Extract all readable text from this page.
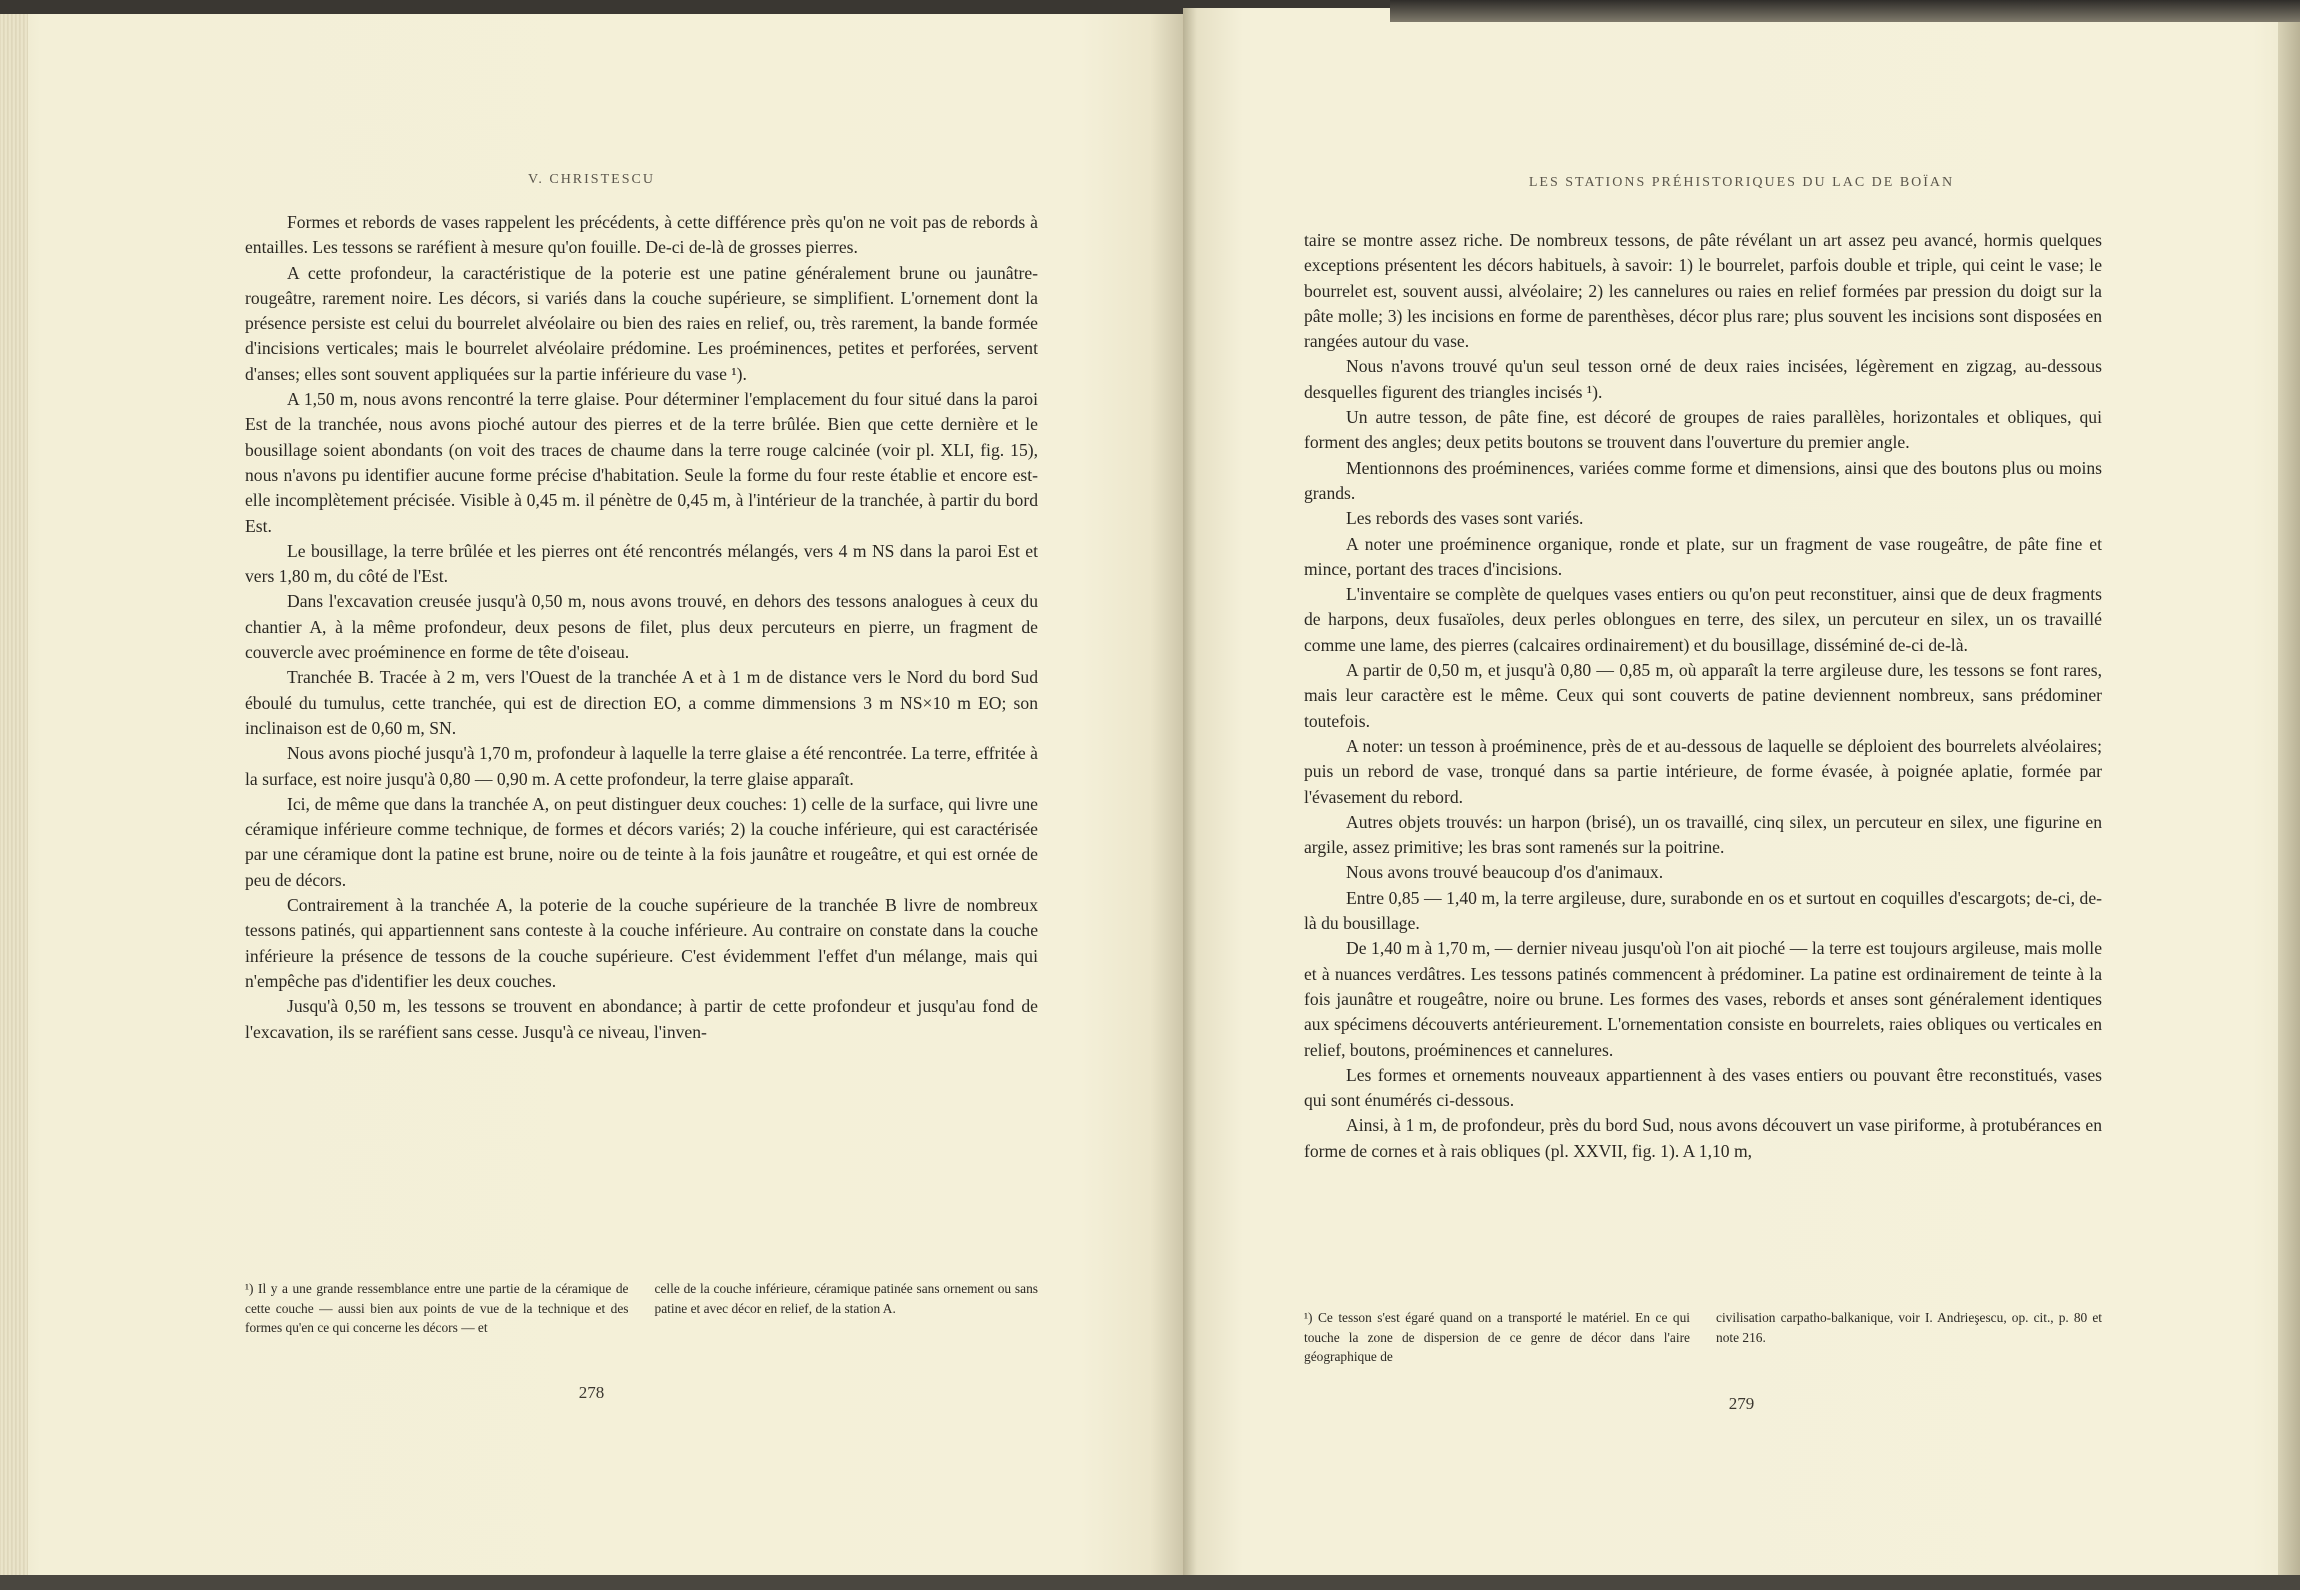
V. CHRISTESCU

Formes et rebords de vases rappelent les précédents, à cette différence près qu'on ne voit pas de rebords à entailles. Les tessons se raréfient à mesure qu'on fouille. De-ci de-là de grosses pierres.

A cette profondeur, la caractéristique de la poterie est une patine généralement brune ou jaunâtre-rougeâtre, rarement noire. Les décors, si variés dans la couche supérieure, se simplifient. L'ornement dont la présence persiste est celui du bourrelet alvéolaire ou bien des raies en relief, ou, très rarement, la bande formée d'incisions verticales; mais le bourrelet alvéolaire prédomine. Les proéminences, petites et perforées, servent d'anses; elles sont souvent appliquées sur la partie inférieure du vase ¹).

A 1,50 m, nous avons rencontré la terre glaise. Pour déterminer l'emplacement du four situé dans la paroi Est de la tranchée, nous avons pioché autour des pierres et de la terre brûlée. Bien que cette dernière et le bousillage soient abondants (on voit des traces de chaume dans la terre rouge calcinée (voir pl. XLI, fig. 15), nous n'avons pu identifier aucune forme précise d'habitation. Seule la forme du four reste établie et encore est-elle incomplètement précisée. Visible à 0,45 m. il pénètre de 0,45 m, à l'intérieur de la tranchée, à partir du bord Est.

Le bousillage, la terre brûlée et les pierres ont été rencontrés mélangés, vers 4 m NS dans la paroi Est et vers 1,80 m, du côté de l'Est.

Dans l'excavation creusée jusqu'à 0,50 m, nous avons trouvé, en dehors des tessons analogues à ceux du chantier A, à la même profondeur, deux pesons de filet, plus deux percuteurs en pierre, un fragment de couvercle avec proéminence en forme de tête d'oiseau.

Tranchée B. Tracée à 2 m, vers l'Ouest de la tranchée A et à 1 m de distance vers le Nord du bord Sud éboulé du tumulus, cette tranchée, qui est de direction EO, a comme dimmensions 3 m NS×10 m EO; son inclinaison est de 0,60 m, SN.

Nous avons pioché jusqu'à 1,70 m, profondeur à laquelle la terre glaise a été rencontrée. La terre, effritée à la surface, est noire jusqu'à 0,80 — 0,90 m. A cette profondeur, la terre glaise apparaît.

Ici, de même que dans la tranchée A, on peut distinguer deux couches: 1) celle de la surface, qui livre une céramique inférieure comme technique, de formes et décors variés; 2) la couche inférieure, qui est caractérisée par une céramique dont la patine est brune, noire ou de teinte à la fois jaunâtre et rougeâtre, et qui est ornée de peu de décors.

Contrairement à la tranchée A, la poterie de la couche supérieure de la tranchée B livre de nombreux tessons patinés, qui appartiennent sans conteste à la couche inférieure. Au contraire on constate dans la couche inférieure la présence de tessons de la couche supérieure. C'est évidemment l'effet d'un mélange, mais qui n'empêche pas d'identifier les deux couches.

Jusqu'à 0,50 m, les tessons se trouvent en abondance; à partir de cette profondeur et jusqu'au fond de l'excavation, ils se raréfient sans cesse. Jusqu'à ce niveau, l'inven-

¹) Il y a une grande ressemblance entre une partie de la céramique de cette couche — aussi bien aux points de vue de la technique et des formes qu'en ce qui concerne les décors — et
celle de la couche inférieure, céramique patinée sans ornement ou sans patine et avec décor en relief, de la station A.
278
LES STATIONS PRÉHISTORIQUES DU LAC DE BOÏAN

taire se montre assez riche. De nombreux tessons, de pâte révélant un art assez peu avancé, hormis quelques exceptions présentent les décors habituels, à savoir: 1) le bourrelet, parfois double et triple, qui ceint le vase; le bourrelet est, souvent aussi, alvéolaire; 2) les cannelures ou raies en relief formées par pression du doigt sur la pâte molle; 3) les incisions en forme de parenthèses, décor plus rare; plus souvent les incisions sont disposées en rangées autour du vase.

Nous n'avons trouvé qu'un seul tesson orné de deux raies incisées, légèrement en zigzag, au-dessous desquelles figurent des triangles incisés ¹).

Un autre tesson, de pâte fine, est décoré de groupes de raies parallèles, horizontales et obliques, qui forment des angles; deux petits boutons se trouvent dans l'ouverture du premier angle.

Mentionnons des proéminences, variées comme forme et dimensions, ainsi que des boutons plus ou moins grands.

Les rebords des vases sont variés.

A noter une proéminence organique, ronde et plate, sur un fragment de vase rougeâtre, de pâte fine et mince, portant des traces d'incisions.

L'inventaire se complète de quelques vases entiers ou qu'on peut reconstituer, ainsi que de deux fragments de harpons, deux fusaïoles, deux perles oblongues en terre, des silex, un percuteur en silex, un os travaillé comme une lame, des pierres (calcaires ordinairement) et du bousillage, disséminé de-ci de-là.

A partir de 0,50 m, et jusqu'à 0,80 — 0,85 m, où apparaît la terre argileuse dure, les tessons se font rares, mais leur caractère est le même. Ceux qui sont couverts de patine deviennent nombreux, sans prédominer toutefois.

A noter: un tesson à proéminence, près de et au-dessous de laquelle se déploient des bourrelets alvéolaires; puis un rebord de vase, tronqué dans sa partie intérieure, de forme évasée, à poignée aplatie, formée par l'évasement du rebord.

Autres objets trouvés: un harpon (brisé), un os travaillé, cinq silex, un percuteur en silex, une figurine en argile, assez primitive; les bras sont ramenés sur la poitrine.

Nous avons trouvé beaucoup d'os d'animaux.

Entre 0,85 — 1,40 m, la terre argileuse, dure, surabonde en os et surtout en coquilles d'escargots; de-ci, de-là du bousillage.

De 1,40 m à 1,70 m, — dernier niveau jusqu'où l'on ait pioché — la terre est toujours argileuse, mais molle et à nuances verdâtres. Les tessons patinés commencent à prédominer. La patine est ordinairement de teinte à la fois jaunâtre et rougeâtre, noire ou brune. Les formes des vases, rebords et anses sont généralement identiques aux spécimens découverts antérieurement. L'ornementation consiste en bourrelets, raies obliques ou verticales en relief, boutons, proéminences et cannelures.

Les formes et ornements nouveaux appartiennent à des vases entiers ou pouvant être reconstitués, vases qui sont énumérés ci-dessous.

Ainsi, à 1 m, de profondeur, près du bord Sud, nous avons découvert un vase piriforme, à protubérances en forme de cornes et à rais obliques (pl. XXVII, fig. 1). A 1,10 m,

¹) Ce tesson s'est égaré quand on a transporté le matériel. En ce qui touche la zone de dispersion de ce genre de décor dans l'aire géographique de
civilisation carpatho-balkanique, voir I. Andrieşescu, op. cit., p. 80 et note 216.
279
